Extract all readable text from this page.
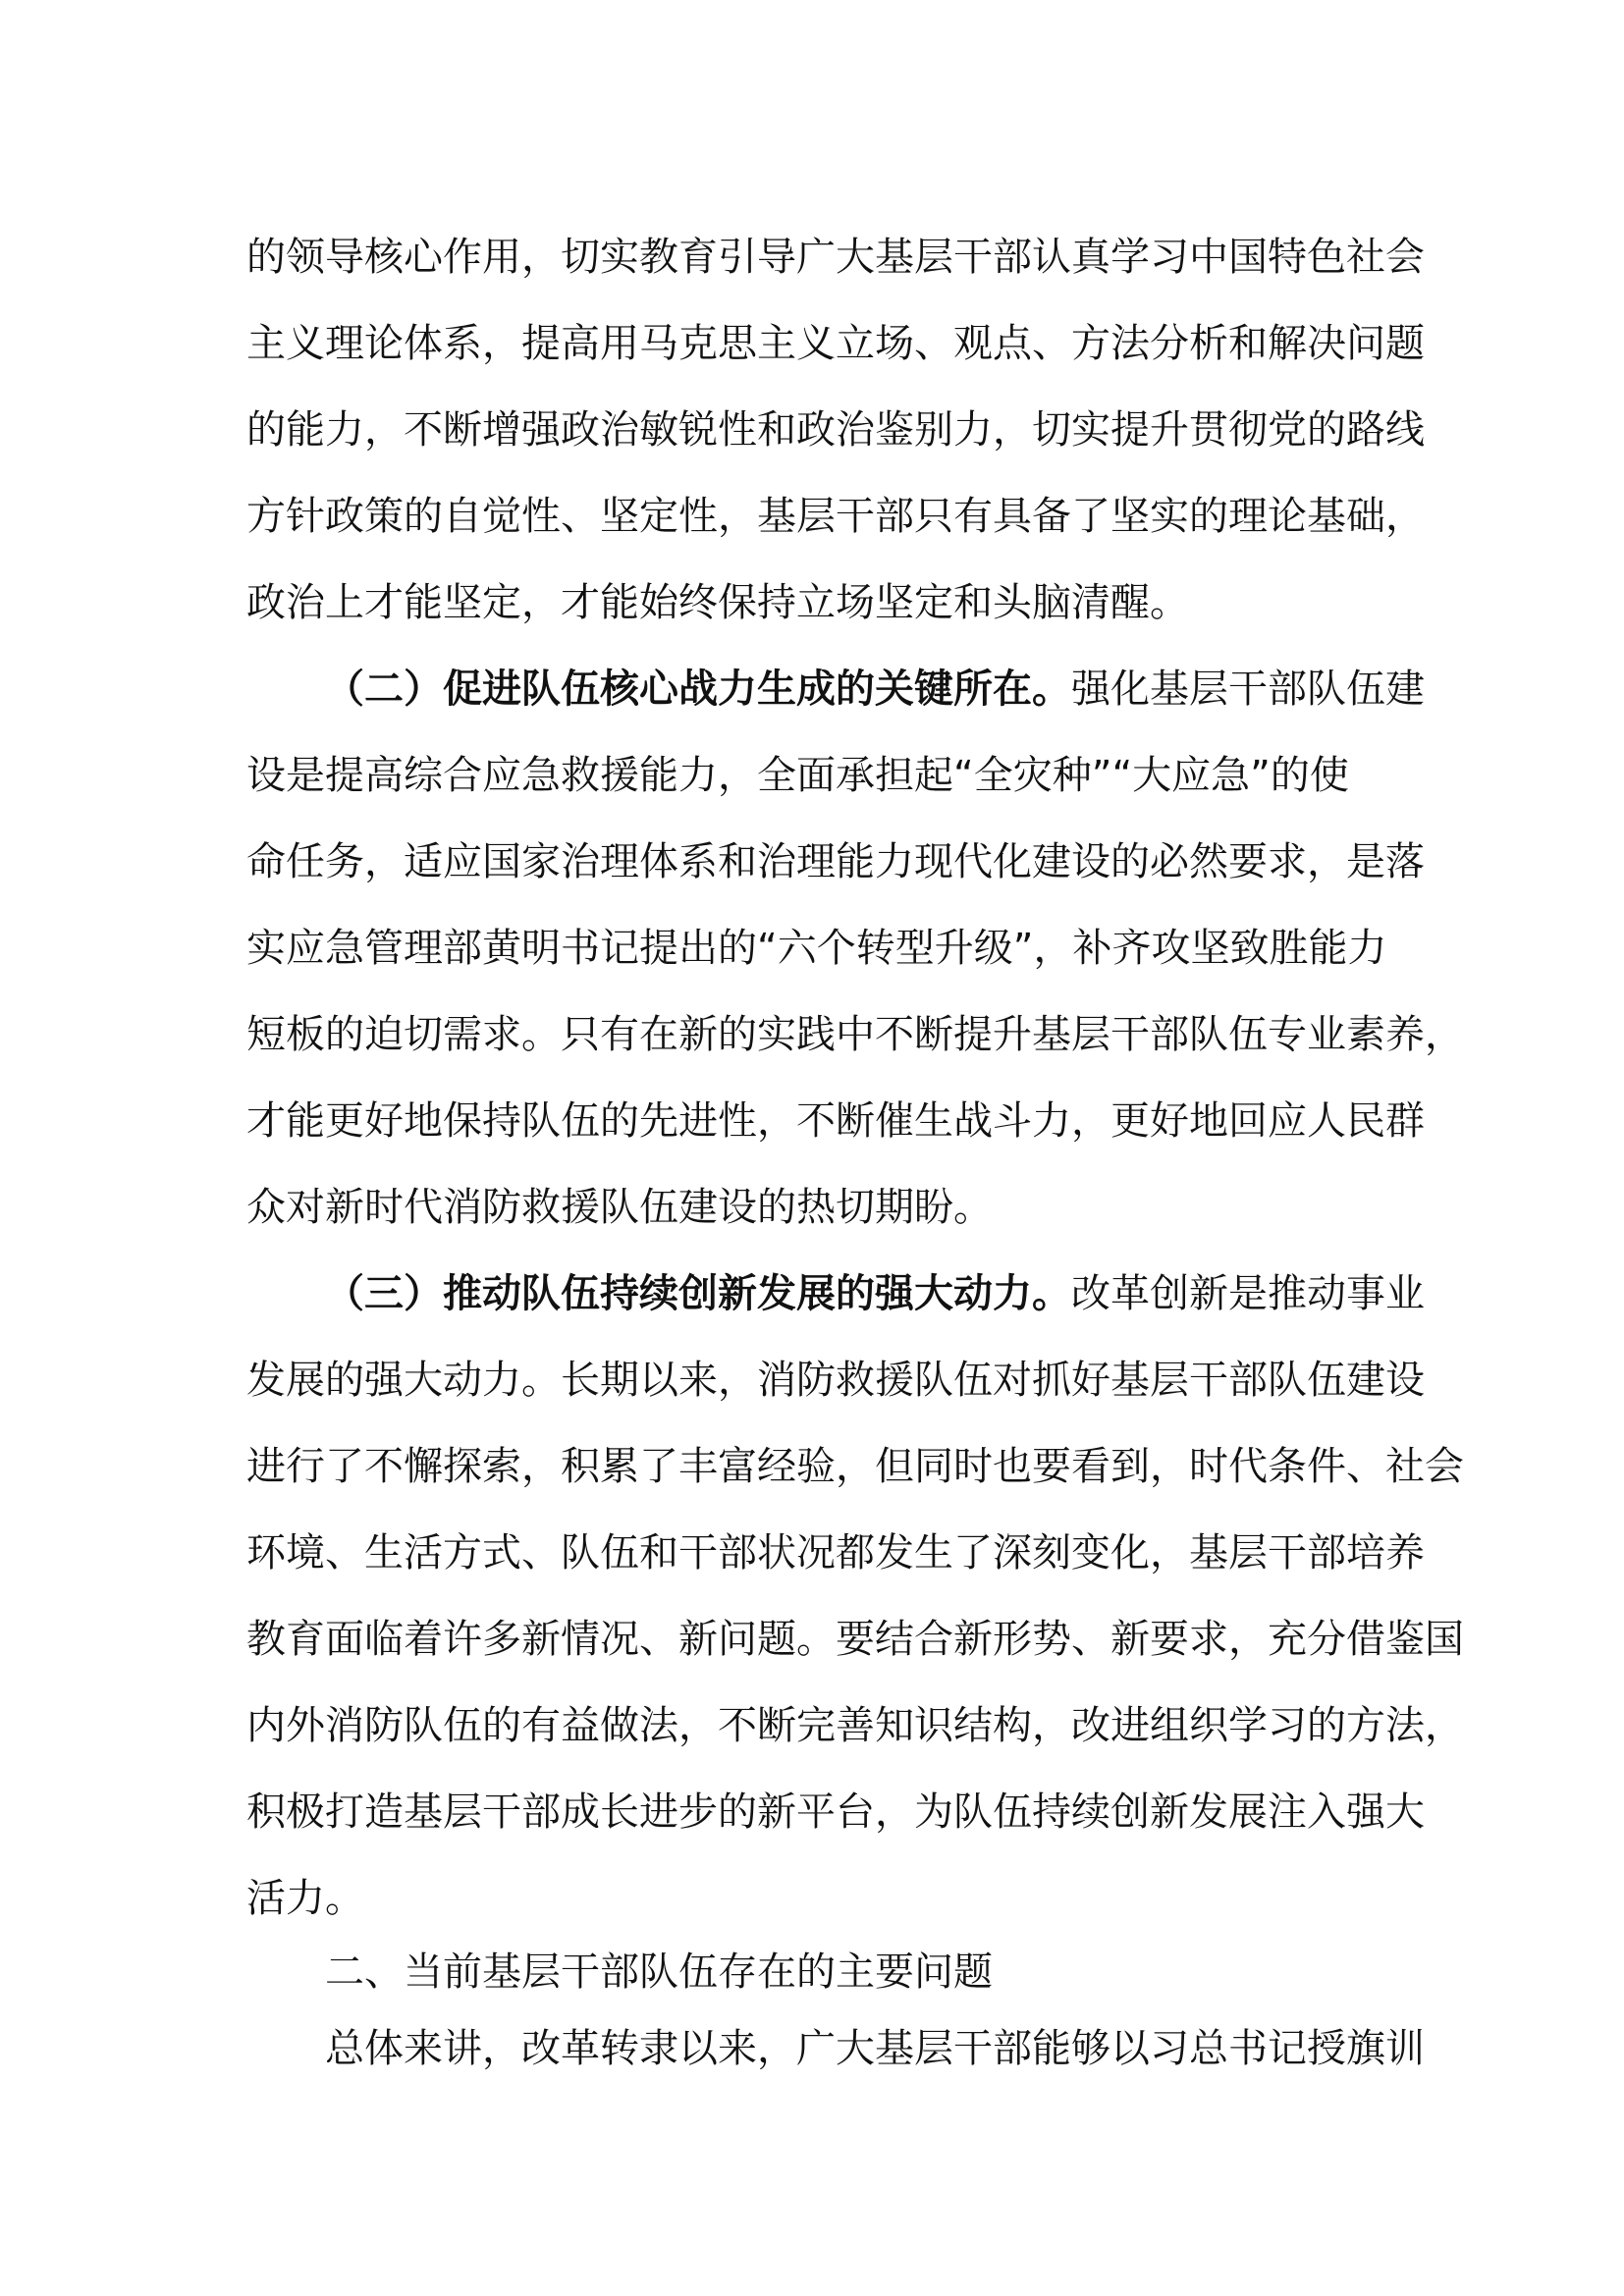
的领导核心作用，切实教育引导广大基层干部认真学习中国特色社会
主义理论体系，提高用马克思主义立场、观点、方法分析和解决问题
的能力，不断增强政治敏锐性和政治鉴别力，切实提升贯彻党的路线
方针政策的自觉性、坚定性，基层干部只有具备了坚实的理论基础，
政治上才能坚定，才能始终保持立场坚定和头脑清醒。
（二）促进队伍核心战力生成的关键所在。强化基层干部队伍建
设是提高综合应急救援能力，全面承担起“全灾种”“大应急”的使
命任务，适应国家治理体系和治理能力现代化建设的必然要求，是落
实应急管理部黄明书记提出的“六个转型升级”，补齐攻坚致胜能力
短板的迫切需求。只有在新的实践中不断提升基层干部队伍专业素养，
才能更好地保持队伍的先进性，不断催生战斗力，更好地回应人民群
众对新时代消防救援队伍建设的热切期盼。
（三）推动队伍持续创新发展的强大动力。改革创新是推动事业
发展的强大动力。长期以来，消防救援队伍对抓好基层干部队伍建设
进行了不懈探索，积累了丰富经验，但同时也要看到，时代条件、社会
环境、生活方式、队伍和干部状况都发生了深刻变化，基层干部培养
教育面临着许多新情况、新问题。要结合新形势、新要求，充分借鉴国
内外消防队伍的有益做法，不断完善知识结构，改进组织学习的方法，
积极打造基层干部成长进步的新平台，为队伍持续创新发展注入强大
活力。
二、当前基层干部队伍存在的主要问题
总体来讲，改革转隶以来，广大基层干部能够以习总书记授旗训
